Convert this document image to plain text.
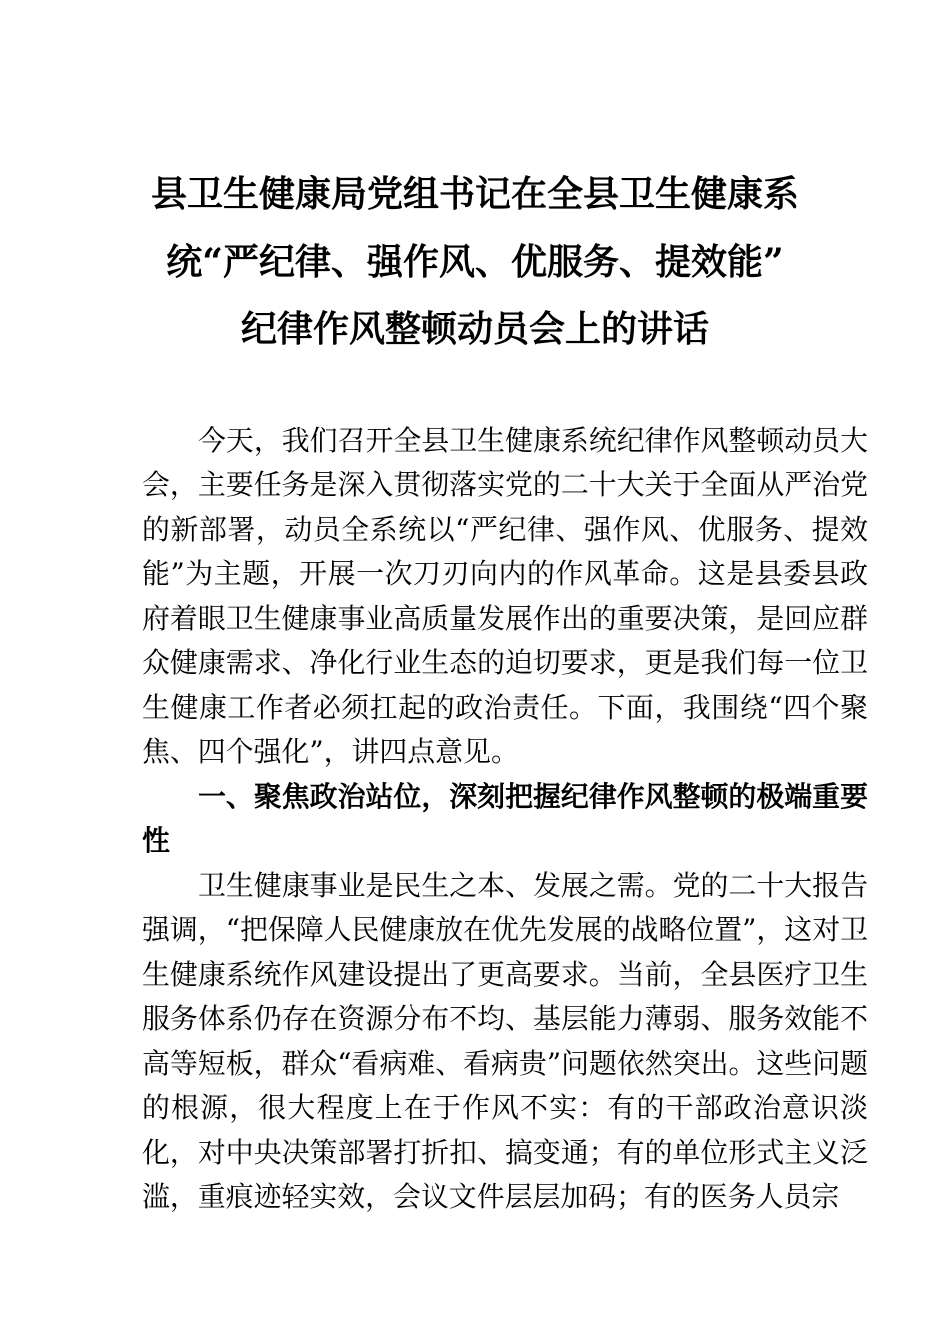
县卫生健康局党组书记在全县卫生健康系
统“严纪律、强作风、优服务、提效能”
纪律作风整顿动员会上的讲话

今天，我们召开全县卫生健康系统纪律作风整顿动员大会，主要任务是深入贯彻落实党的二十大关于全面从严治党的新部署，动员全系统以“严纪律、强作风、优服务、提效能”为主题，开展一次刀刃向内的作风革命。这是县委县政府着眼卫生健康事业高质量发展作出的重要决策，是回应群众健康需求、净化行业生态的迫切要求，更是我们每一位卫生健康工作者必须扛起的政治责任。下面，我围绕“四个聚焦、四个强化”，讲四点意见。

一、聚焦政治站位，深刻把握纪律作风整顿的极端重要性

卫生健康事业是民生之本、发展之需。党的二十大报告强调，“把保障人民健康放在优先发展的战略位置”，这对卫生健康系统作风建设提出了更高要求。当前，全县医疗卫生服务体系仍存在资源分布不均、基层能力薄弱、服务效能不高等短板，群众“看病难、看病贵”问题依然突出。这些问题的根源，很大程度上在于作风不实：有的干部政治意识淡化，对中央决策部署打折扣、搞变通；有的单位形式主义泛滥，重痕迹轻实效，会议文件层层加码；有的医务人员宗
